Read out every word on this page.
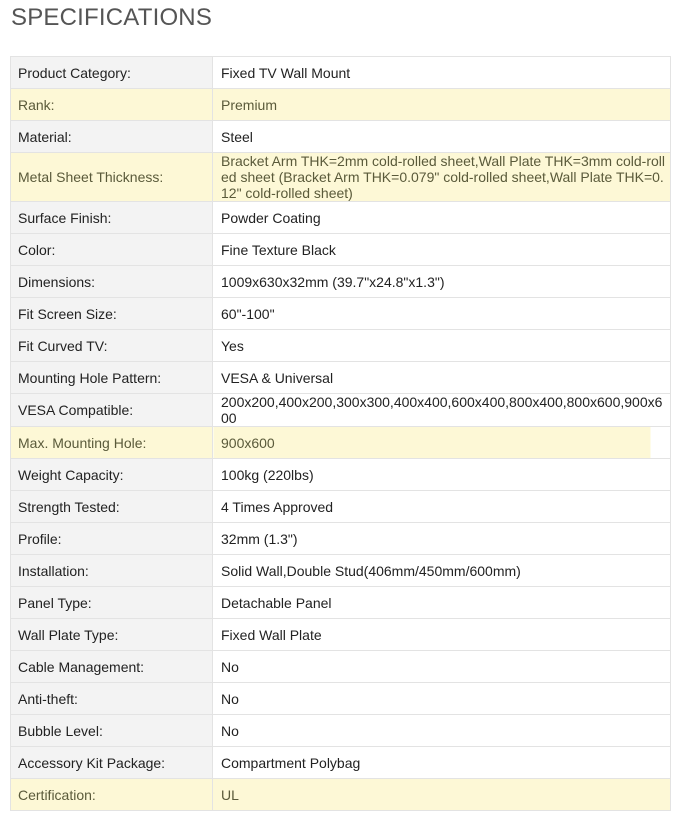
SPECIFICATIONS
Product Category:	Fixed TV Wall Mount
Rank:	Premium
Material:	Steel
Metal Sheet Thickness:	Bracket Arm THK=2mm cold-rolled sheet,Wall Plate THK=3mm cold-rolled sheet (Bracket Arm THK=0.079" cold-rolled sheet,Wall Plate THK=0.12" cold-rolled sheet)
Surface Finish:	Powder Coating
Color:	Fine Texture Black
Dimensions:	1009x630x32mm (39.7"x24.8"x1.3")
Fit Screen Size:	60"-100"
Fit Curved TV:	Yes
Mounting Hole Pattern:	VESA & Universal
VESA Compatible:	200x200,400x200,300x300,400x400,600x400,800x400,800x600,900x600
Max. Mounting Hole:	900x600
Weight Capacity:	100kg (220lbs)
Strength Tested:	4 Times Approved
Profile:	32mm (1.3")
Installation:	Solid Wall,Double Stud(406mm/450mm/600mm)
Panel Type:	Detachable Panel
Wall Plate Type:	Fixed Wall Plate
Cable Management:	No
Anti-theft:	No
Bubble Level:	No
Accessory Kit Package:	Compartment Polybag
Certification:	UL
